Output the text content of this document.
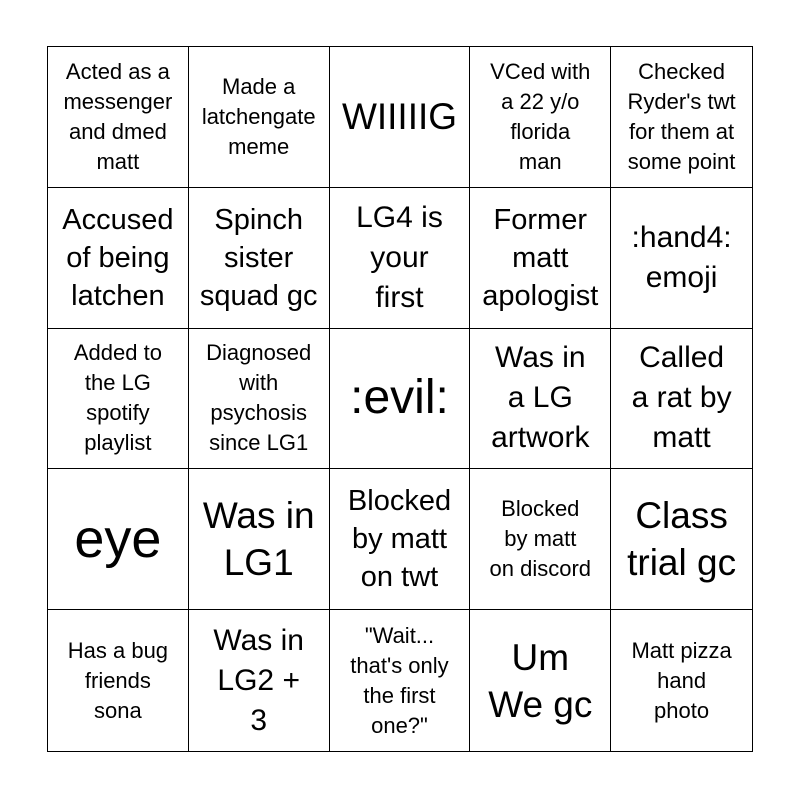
Acted as a
messenger
and dmed
matt
Made a
latchengate
meme
WIIIIIG
VCed with
a 22 y/o
florida
man
Checked
Ryder's twt
for them at
some point
Accused
of being
latchen
Spinch
sister
squad gc
LG4 is
your
first
Former
matt
apologist
:hand4:
emoji
Added to
the LG
spotify
playlist
Diagnosed
with
psychosis
since LG1
:evil:
Was in
a LG
artwork
Called
a rat by
matt
eye Was in
LG1
Blocked
by matt
on twt
Blocked
by matt
on discord
Class
trial gc
Has a bug
friends
sona
Was in
LG2 +
3
"Wait...
that's only
the first
one?"
Um
We gc
Matt pizza
hand
photo
